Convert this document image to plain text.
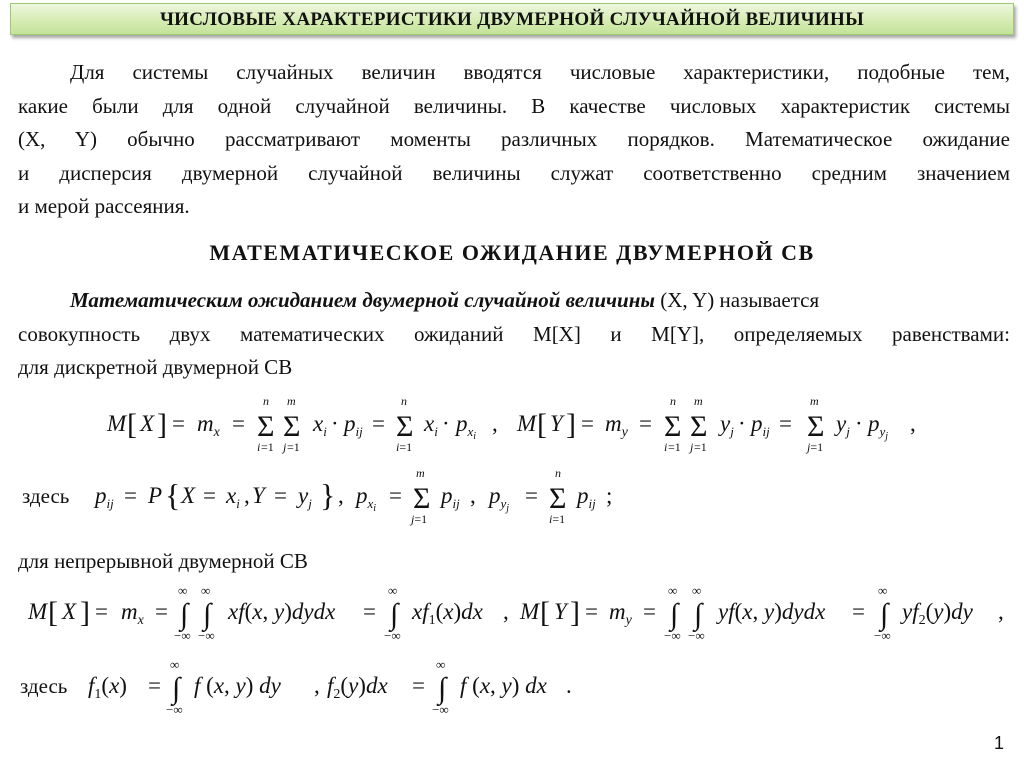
ЧИСЛОВЫЕ ХАРАКТЕРИСТИКИ ДВУМЕРНОЙ СЛУЧАЙНОЙ ВЕЛИЧИНЫ
Для системы случайных величин вводятся числовые характеристики, подобные тем,
какие были для одной случайной величины. В качестве числовых характеристик системы
(X, Y) обычно рассматривают моменты различных порядков. Математическое ожидание
и дисперсия двумерной случайной величины служат соответственно средним значением
и мерой рассеяния.
МАТЕМАТИЧЕСКОЕ ОЖИДАНИЕ ДВУМЕРНОЙ СВ
Математическим ожиданием двумерной случайной величины (X, Y) называется
совокупность двух математических ожиданий M[X] и M[Y], определяемых равенствами:
для дискретной двумерной СВ
для непрерывной двумерной СВ
M [ X ] = $m_x = \Sigma$ Σ
n m
i j
=1 =1
$x_i \cdot p_{ij} = \Sigma$
n
i=1
$x_i \cdot p_xi$
, M [ Y ] = $m_y = \Sigma$ Σ
n m
i j
=1 =1
$y_j \cdot p_{ij} = \Sigma$
m
j=1
$y_j \cdot p_yj$
,
здесь $p_{ij} = P$ { $X = x_i$ , $Y = y_j$ } , $p_xi$
= Σ
m
j=1
$p_{ij}$ , $p_yj$
= Σ
n
i=1
$p_{ij}$ ;
M [ X ] = $m_x$ = ∫ ∫
∞ ∞
−∞ −∞
xf(x, y)dydx = ∫
∞
−∞
$xf_1(x)dx$ , M [ Y ] = $m_y$ = ∫ ∫
∞ ∞
−∞ −∞
yf(x, y)dydx = ∫
∞
−∞
$yf_2(y)dy$ ,
здесь $f_1(x)$ = ∫
∞
−∞
f (x, y) dy , $f_2(y)dx$ = ∫
∞
−∞
f (x, y) dx .
1
